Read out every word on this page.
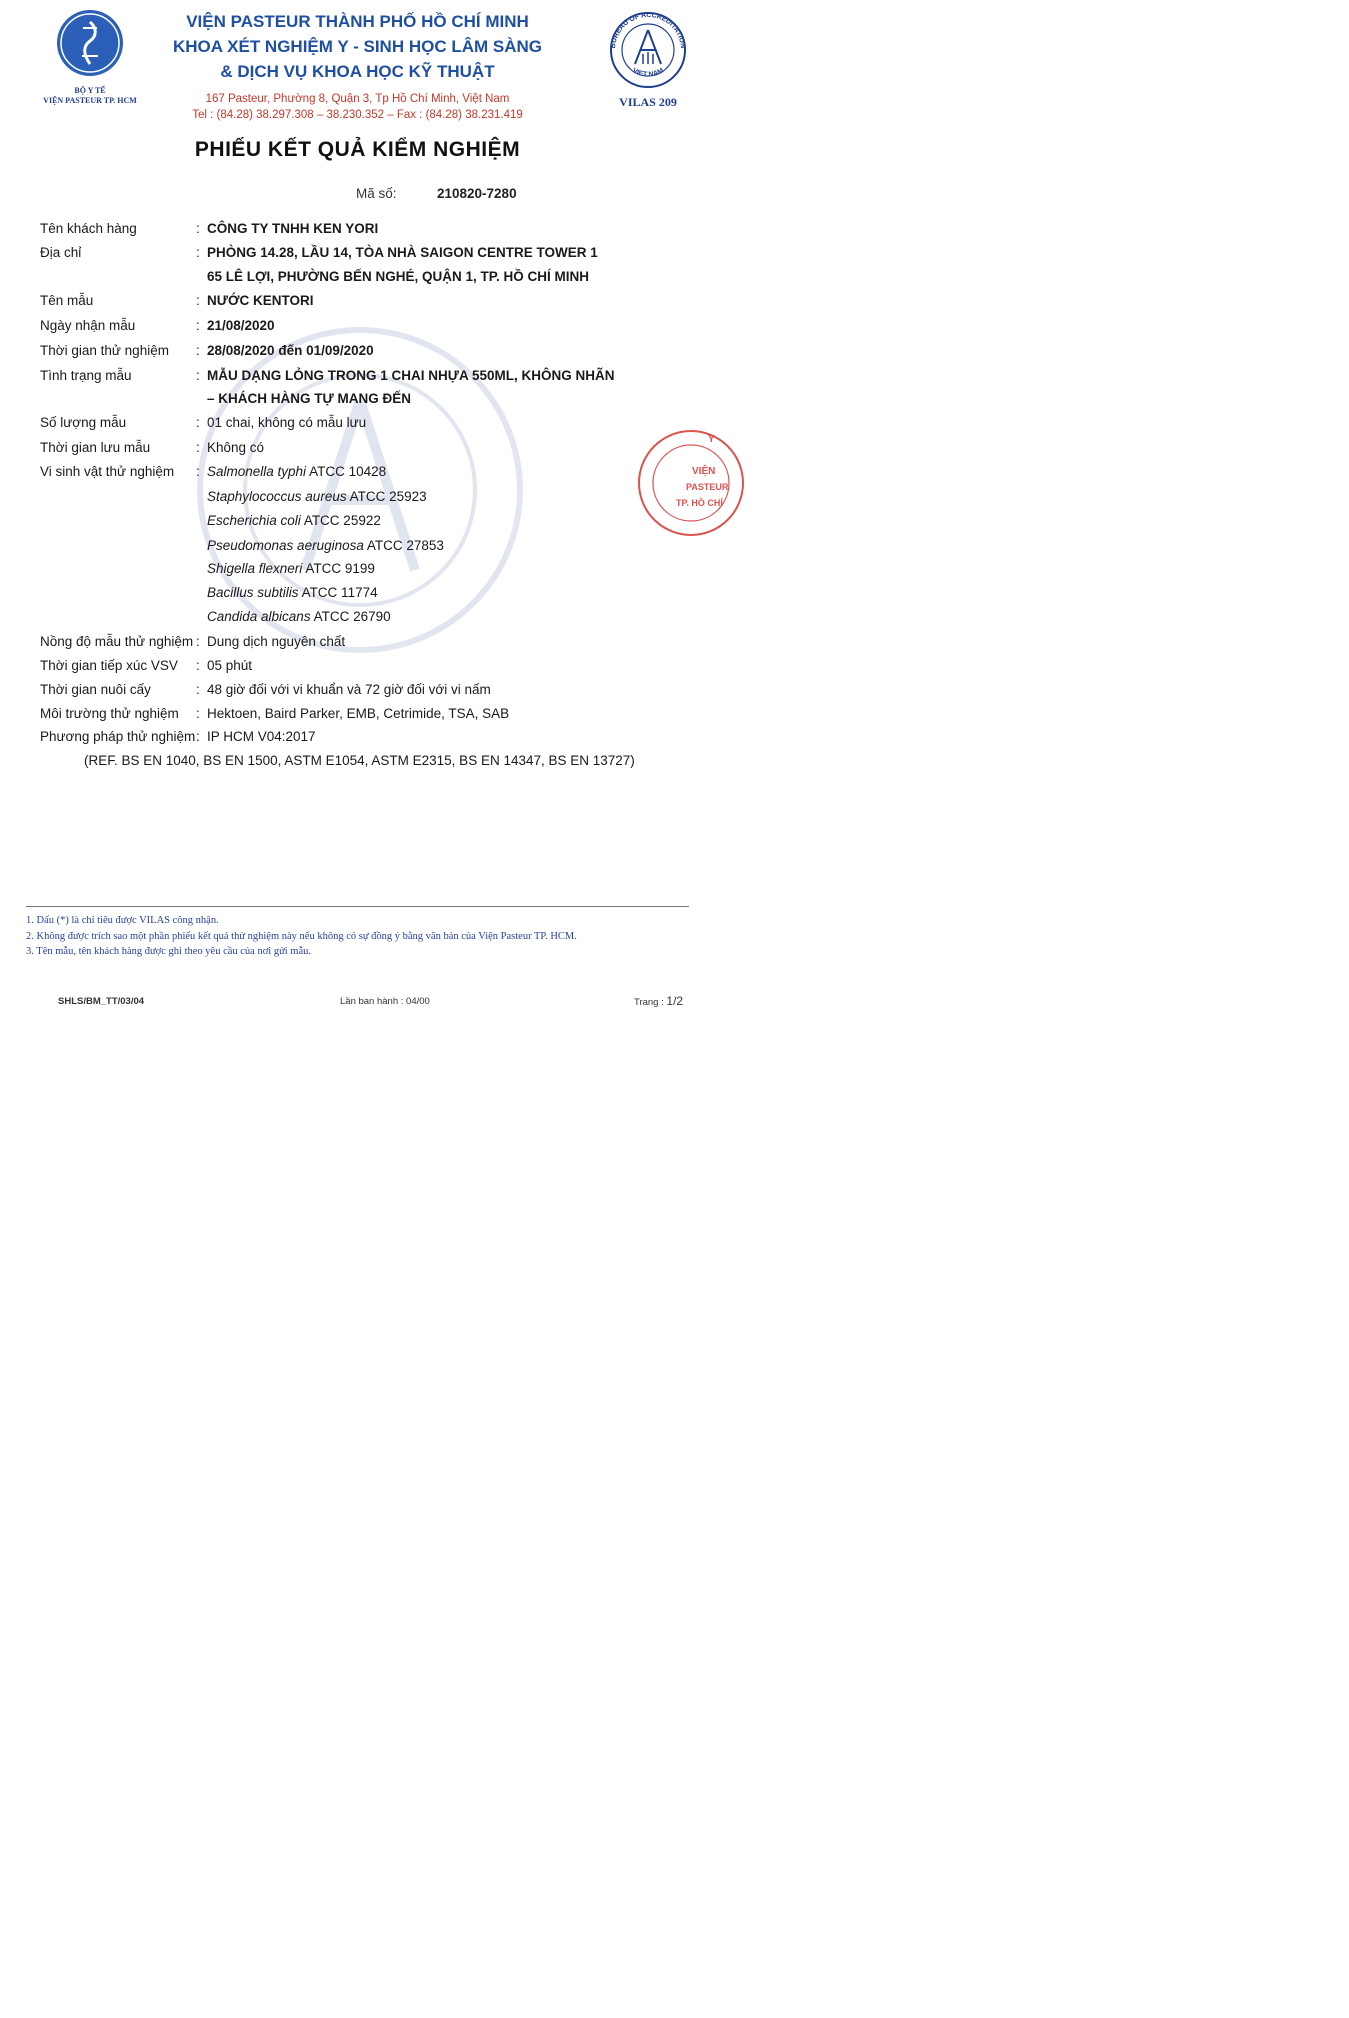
BỘ Y TẾ
VIỆN PASTEUR TP. HCM
VIỆN PASTEUR THÀNH PHỐ HỒ CHÍ MINH
KHOA XÉT NGHIỆM Y - SINH HỌC LÂM SÀNG
& DỊCH VỤ KHOA HỌC KỸ THUẬT
167 Pasteur, Phường 8, Quận 3, Tp Hồ Chí Minh, Việt Nam
Tel : (84.28) 38.297.308 – 38.230.352 – Fax : (84.28) 38.231.419
BUREAU OF ACCREDITATION
VIET NAM
VILAS 209
PHIẾU KẾT QUẢ KIỂM NGHIỆM
Mã số:	210820-7280
Tên khách hàng	: CÔNG TY TNHH KEN YORI
Địa chỉ	: PHÒNG 14.28, LẦU 14, TÒA NHÀ SAIGON CENTRE TOWER 1
65 LÊ LỢI, PHƯỜNG BẾN NGHÉ, QUẬN 1, TP. HỒ CHÍ MINH
Tên mẫu	: NƯỚC KENTORI
Ngày nhận mẫu	: 21/08/2020
Thời gian thử nghiệm : 28/08/2020 đến 01/09/2020
Tình trạng mẫu	: MẪU DẠNG LỎNG TRONG 1 CHAI NHỰA 550ML, KHÔNG NHÃN
– KHÁCH HÀNG TỰ MANG ĐẾN
Số lượng mẫu	: 01 chai, không có mẫu lưu
Thời gian lưu mẫu	: Không có
Vi sinh vật thử nghiệm : Salmonella typhi ATCC 10428
Staphylococcus aureus ATCC 25923
Escherichia coli ATCC 25922
Pseudomonas aeruginosa ATCC 27853
Shigella flexneri ATCC 9199
Bacillus subtilis ATCC 11774
Candida albicans ATCC 26790
Nồng độ mẫu thử nghiệm : Dung dịch nguyên chất
Thời gian tiếp xúc VSV : 05 phút
Thời gian nuôi cấy	: 48 giờ đối với vi khuẩn và 72 giờ đối với vi nấm
Môi trường thử nghiệm : Hektoen, Baird Parker, EMB, Cetrimide, TSA, SAB
Phương pháp thử nghiệm : IP HCM V04:2017
(REF. BS EN 1040, BS EN 1500, ASTM E1054, ASTM E2315, BS EN 14347, BS EN 13727)
Y
VIỆN
PASTEUR
TP. HỒ CHÍ
1. Dấu (*) là chỉ tiêu được VILAS công nhận.
2. Không được trích sao một phần phiếu kết quả thử nghiệm này nếu không có sự đồng ý bằng văn bản của Viện Pasteur TP. HCM.
3. Tên mẫu, tên khách hàng được ghi theo yêu cầu của nơi gửi mẫu.
SHLS/BM_TT/03/04	Lần ban hành : 04/00	Trang : 1/2
